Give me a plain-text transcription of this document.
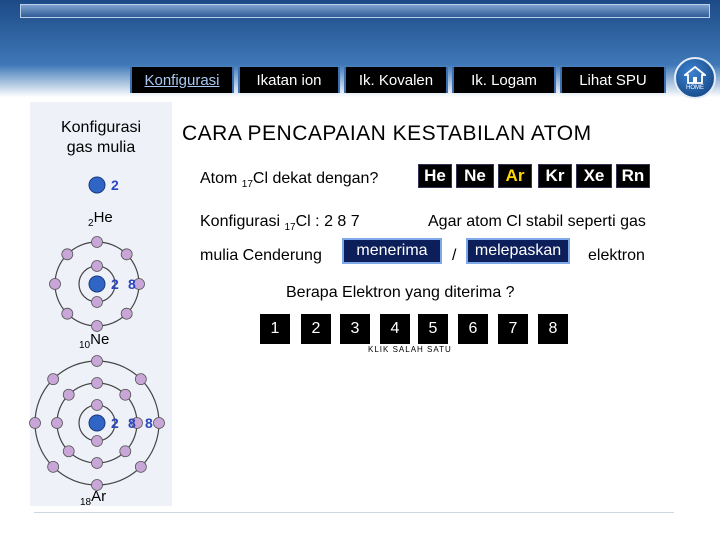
Konfigurasi	Ikatan ion	Ik. Kovalen	Ik. Logam	Lihat SPU	HOME
Konfigurasi
gas mulia
2
2 8
2 8 8
$_2$He
$_{10}$Ne
$_{18}$Ar
CARA PENCAPAIAN KESTABILAN ATOM
Atom $_{17}$Cl dekat dengan?	He	Ne	Ar	Kr	Xe	Rn
Konfigurasi $_{17}$Cl : 2 8 7	Agar atom Cl stabil seperti gas
mulia Cenderung	menerima	/	melepaskan	elektron
Berapa Elektron yang diterima ?
1	2	3	4	5	6	7	8
KLIK SALAH SATU
